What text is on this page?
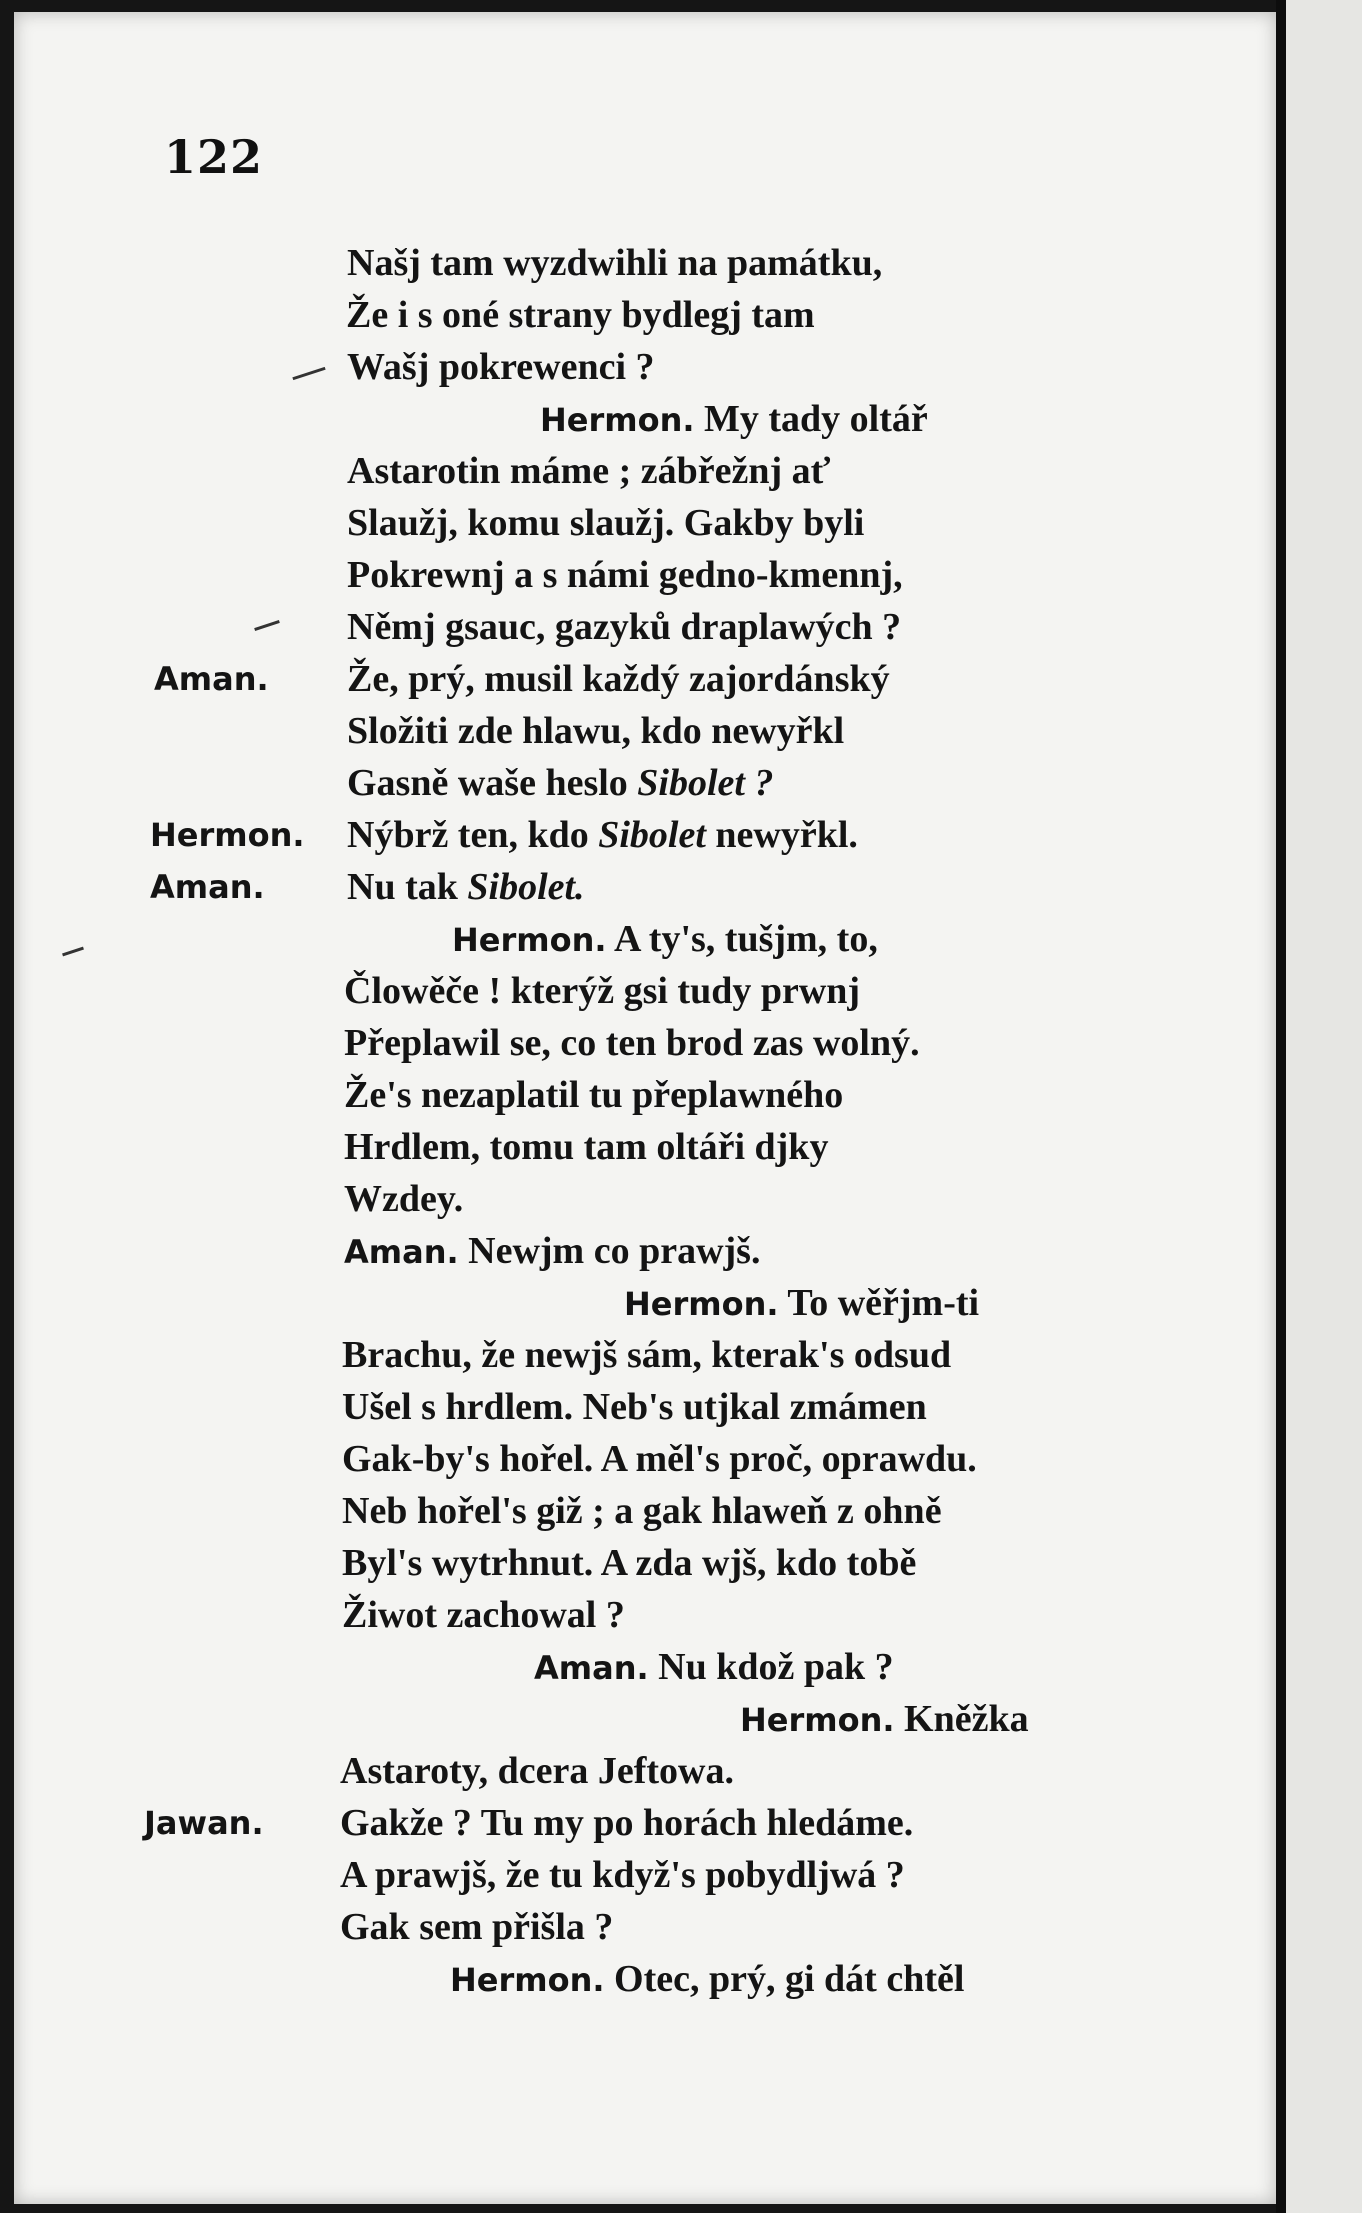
122
Našj tam wyzdwihli na památku,
Že i s oné strany bydlegj tam
Wašj pokrewenci ?
Hermon. My tady oltář
Astarotin máme ; zábřežnj ať
Slaužj, komu slaužj. Gakby byli
Pokrewnj a s námi gedno-kmennj,
Němj gsauc, gazyků draplawých ?
Aman. Že, prý, musil každý zajordánský
Složiti zde hlawu, kdo newyřkl
Gasně waše heslo Sibolet ?
Hermon. Nýbrž ten, kdo Sibolet newyřkl.
Aman. Nu tak Sibolet.
Hermon. A ty's, tušjm, to,
Člowěče ! kterýž gsi tudy prwnj
Přeplawil se, co ten brod zas wolný.
Že's nezaplatil tu přeplawného
Hrdlem, tomu tam oltáři djky
Wzdey.
Aman. Newjm co prawjš.
Hermon. To wěřjm-ti
Brachu, že newjš sám, kterak's odsud
Ušel s hrdlem. Neb's utjkal zmámen
Gak-by's hořel. A měl's proč, oprawdu.
Neb hořel's giž ; a gak hlaweň z ohně
Byl's wytrhnut. A zda wjš, kdo tobě
Žiwot zachowal ?
Aman. Nu kdož pak ?
Hermon. Kněžka
Astaroty, dcera Jeftowa.
Jawan. Gakže ? Tu my po horách hledáme.
A prawjš, že tu když's pobydljwá ?
Gak sem přišla ?
Hermon. Otec, prý, gi dát chtěl
